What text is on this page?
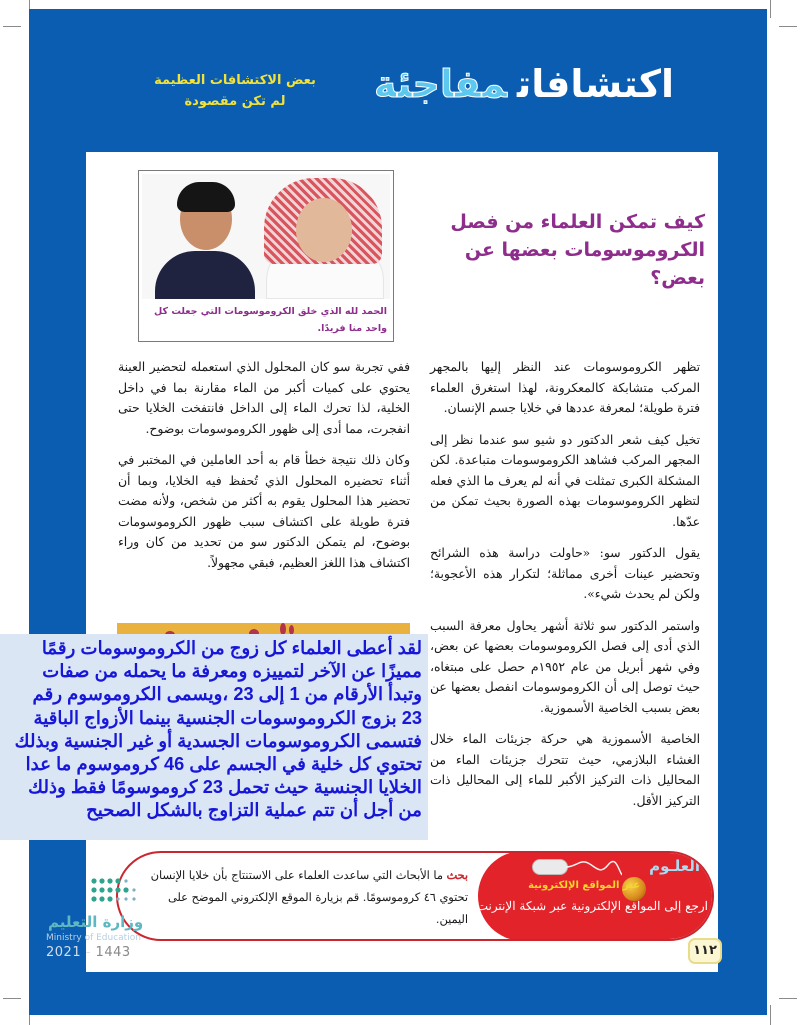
اكتشافاتمفاجئة
بعض الاكتشافات العظيمة
لم تكن مقصودة
كيف تمكن العلماء من فصل
الكروموسومات بعضها عن بعض؟
الحمد لله الذي خلق الكروموسومات التي جعلت كل واحد منا فريدًا.

تظهر الكروموسومات عند النظر إليها بالمجهر المركب متشابكة كالمعكرونة، لهذا استغرق العلماء فترة طويلة؛ لمعرفة عددها في خلايا جسم الإنسان.

تخيل كيف شعر الدكتور دو شيو سو عندما نظر إلى المجهر المركب فشاهد الكروموسومات متباعدة. لكن المشكلة الكبرى تمثلت في أنه لم يعرف ما الذي فعله لتظهر الكروموسومات بهذه الصورة بحيث تمكن من عدّها.

يقول الدكتور سو: «حاولت دراسة هذه الشرائح وتحضير عينات أخرى مماثلة؛ لتكرار هذه الأعجوبة؛ ولكن لم يحدث شيء».

واستمر الدكتور سو ثلاثة أشهر يحاول معرفة السبب الذي أدى إلى فصل الكروموسومات بعضها عن بعض، وفي شهر أبريل من عام ١٩٥٢م حصل على مبتغاه، حيث توصل إلى أن الكروموسومات انفصل بعضها عن بعض بسبب الخاصية الأسموزية.

الخاصية الأسموزية هي حركة جزيئات الماء خلال الغشاء البلازمي، حيث تتحرك جزيئات الماء من المحاليل ذات التركيز الأكبر للماء إلى المحاليل ذات التركيز الأقل.

ففي تجربة سو كان المحلول الذي استعمله لتحضير العينة يحتوي على كميات أكبر من الماء مقارنة بما في داخل الخلية، لذا تحرك الماء إلى الداخل فانتفخت الخلايا حتى انفجرت، مما أدى إلى ظهور الكروموسومات بوضوح.

وكان ذلك نتيجة خطأ قام به أحد العاملين في المختبر في أثناء تحضيره المحلول الذي تُحفظ فيه الخلايا، وبما أن تحضير هذا المحلول يقوم به أكثر من شخص، ولأنه مضت فترة طويلة على اكتشاف سبب ظهور الكروموسومات بوضوح، لم يتمكن الدكتور سو من تحديد من كان وراء اكتشاف هذا اللغز العظيم، فبقي مجهولاً.

لقد أعطى العلماء كل زوج من الكروموسومات رقمًا مميزًا عن الآخر لتمييزه ومعرفة ما يحمله من صفات وتبدأ الأرقام من 1 إلى 23 ،ويسمى الكروموسوم رقم 23 بزوج الكروموسومات الجنسية بينما الأزواج الباقية فتسمى الكروموسومات الجسدية أو غير الجنسية وبذلك تحتوي كل خلية في الجسم على 46 كروموسوم ما عدا الخلايا الجنسية حيث تحمل 23 كروموسومًا فقط وذلك من أجل أن تتم عملية التزاوج بالشكل الصحيح
العلـوم
عبر المواقع الإلكترونية
ارجع إلى المواقع الإلكترونية عبر شبكة الإنترنت.
بحث ما الأبحاث التي ساعدت العلماء على الاستنتاج بأن خلايا الإنسان تحتوي ٤٦ كروموسومًا. قم بزيارة الموقع الإلكتروني الموضح على اليمين.
وزارة التعليم
Ministry of Education
2021 - 1443	١١٢
